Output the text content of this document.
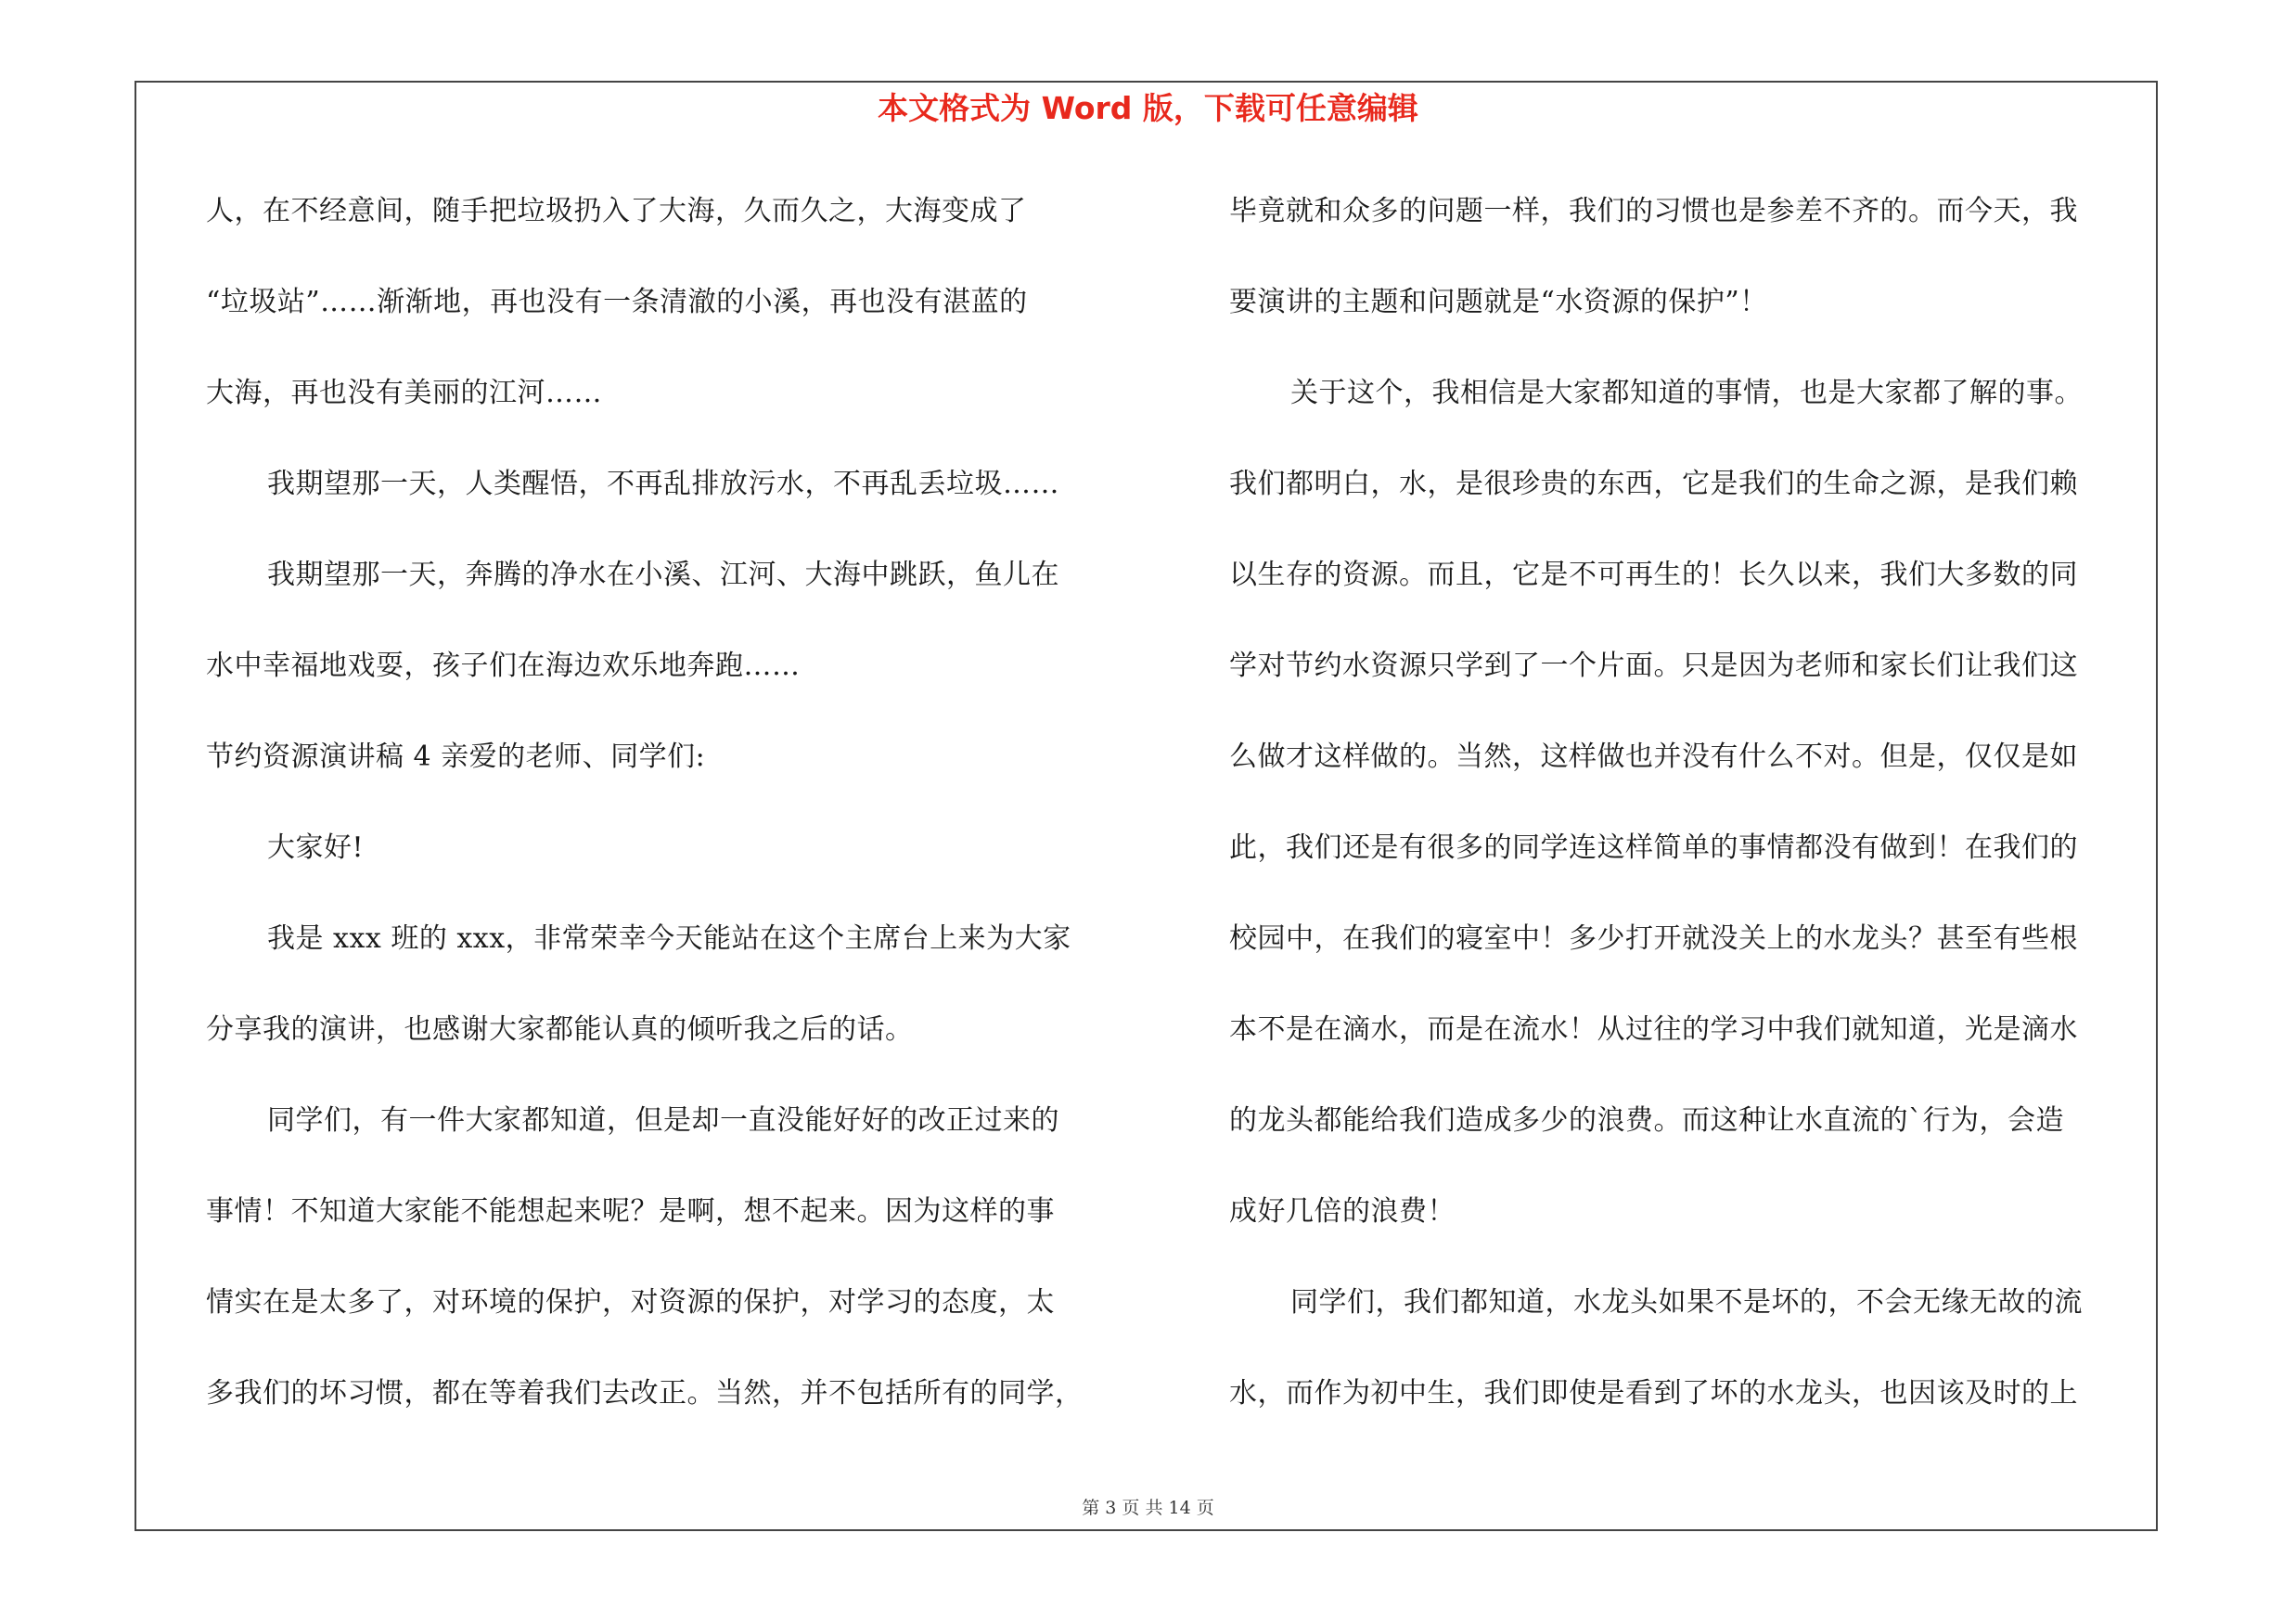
本文格式为 Word 版，下载可任意编辑
人，在不经意间，随手把垃圾扔入了大海，久而久之，大海变成了
“垃圾站”……渐渐地，再也没有一条清澈的小溪，再也没有湛蓝的
大海，再也没有美丽的江河……
我期望那一天，人类醒悟，不再乱排放污水，不再乱丢垃圾……
我期望那一天，奔腾的净水在小溪、江河、大海中跳跃，鱼儿在
水中幸福地戏耍，孩子们在海边欢乐地奔跑……
节约资源演讲稿 4 亲爱的老师、同学们:
大家好!
我是 xxx 班的 xxx，非常荣幸今天能站在这个主席台上来为大家
分享我的演讲，也感谢大家都能认真的倾听我之后的话。
同学们，有一件大家都知道，但是却一直没能好好的改正过来的
事情！不知道大家能不能想起来呢？是啊，想不起来。因为这样的事
情实在是太多了，对环境的保护，对资源的保护，对学习的态度，太
多我们的坏习惯，都在等着我们去改正。当然，并不包括所有的同学，
毕竟就和众多的问题一样，我们的习惯也是参差不齐的。而今天，我
要演讲的主题和问题就是“水资源的保护”！
关于这个，我相信是大家都知道的事情，也是大家都了解的事。
我们都明白，水，是很珍贵的东西，它是我们的生命之源，是我们赖
以生存的资源。而且，它是不可再生的！长久以来，我们大多数的同
学对节约水资源只学到了一个片面。只是因为老师和家长们让我们这
么做才这样做的。当然，这样做也并没有什么不对。但是，仅仅是如
此，我们还是有很多的同学连这样简单的事情都没有做到！在我们的
校园中，在我们的寝室中！多少打开就没关上的水龙头？甚至有些根
本不是在滴水，而是在流水！从过往的学习中我们就知道，光是滴水
的龙头都能给我们造成多少的浪费。而这种让水直流的`行为，会造
成好几倍的浪费！
同学们，我们都知道，水龙头如果不是坏的，不会无缘无故的流
水，而作为初中生，我们即使是看到了坏的水龙头，也因该及时的上
第 3 页 共 14 页
